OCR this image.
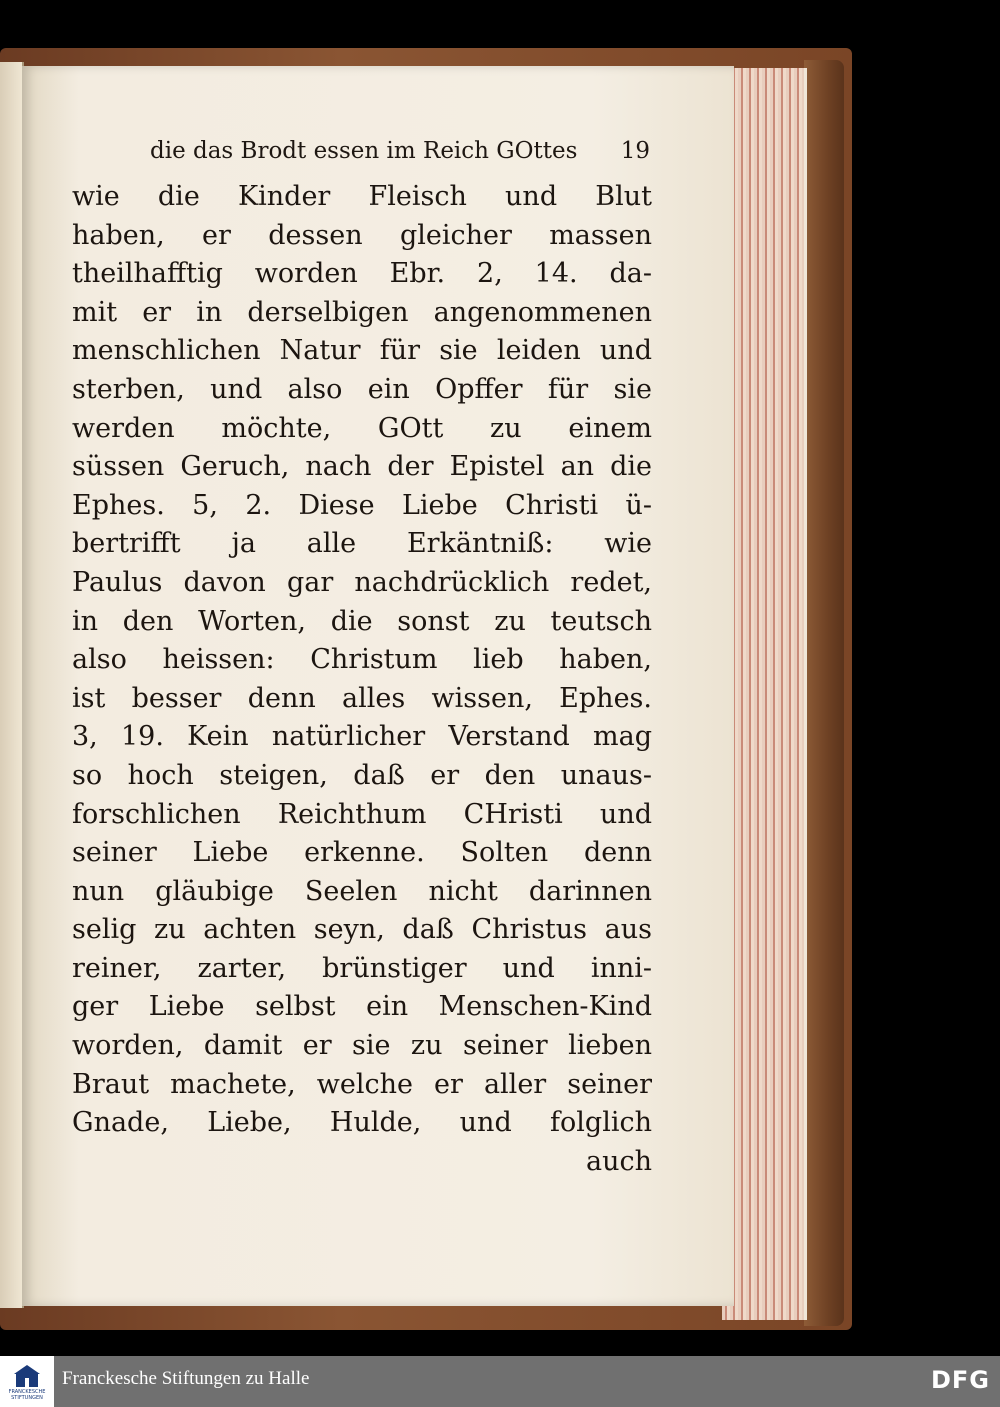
die das Brodt essen im Reich GOttes 19
wie die Kinder Fleisch und Blut
haben, er dessen gleicher massen
theilhafftig worden Ebr. 2, 14. da-
mit er in derselbigen angenommenen
menschlichen Natur für sie leiden und
sterben, und also ein Opffer für sie
werden möchte, GOtt zu einem
süssen Geruch, nach der Epistel an die
Ephes. 5, 2. Diese Liebe Christi ü-
bertrifft ja alle Erkäntniß: wie
Paulus davon gar nachdrücklich redet,
in den Worten, die sonst zu teutsch
also heissen: Christum lieb haben,
ist besser denn alles wissen, Ephes.
3, 19. Kein natürlicher Verstand mag
so hoch steigen, daß er den unaus-
forschlichen Reichthum CHristi und
seiner Liebe erkenne. Solten denn
nun gläubige Seelen nicht darinnen
selig zu achten seyn, daß Christus aus
reiner, zarter, brünstiger und inni-
ger Liebe selbst ein Menschen-Kind
worden, damit er sie zu seiner lieben
Braut machete, welche er aller seiner
Gnade, Liebe, Hulde, und folglich
auch
FRANCKESCHE
STIFTUNGEN
Franckesche Stiftungen zu Halle	DFG
